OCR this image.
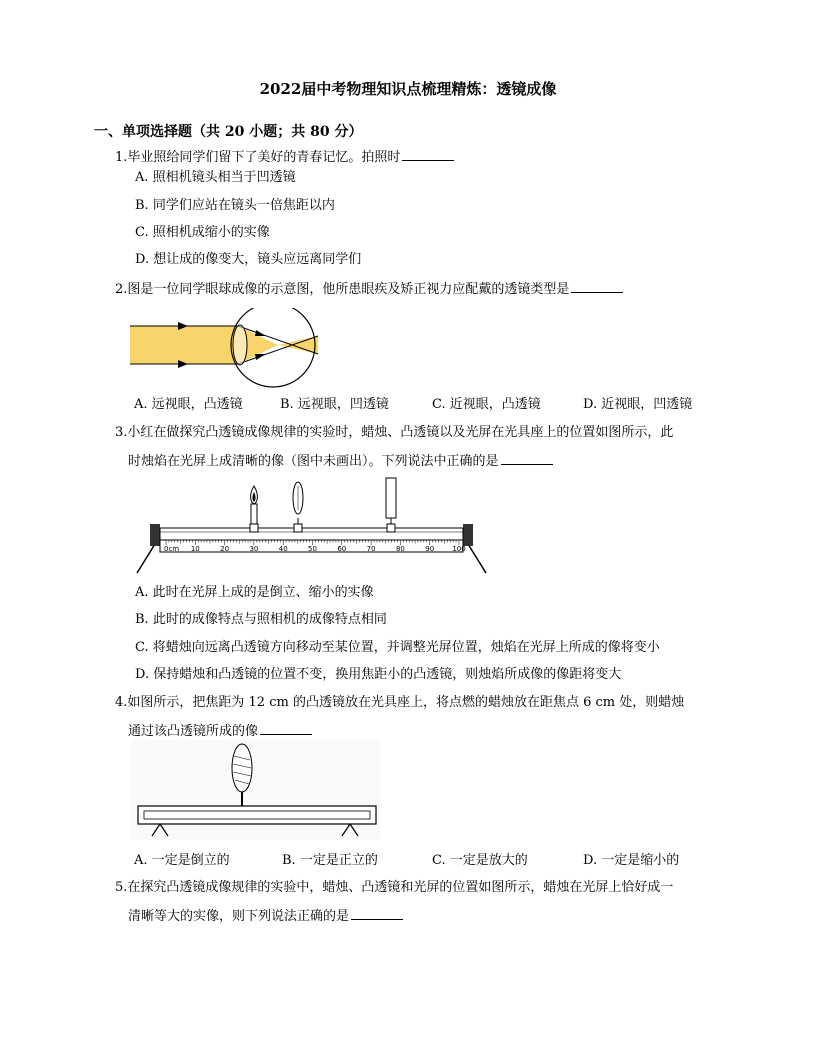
2022届中考物理知识点梳理精炼：透镜成像
一、单项选择题（共 20 小题；共 80 分）
1.毕业照给同学们留下了美好的青春记忆。拍照时
A. 照相机镜头相当于凹透镜
B. 同学们应站在镜头一倍焦距以内
C. 照相机成缩小的实像
D. 想让成的像变大，镜头应远离同学们
2.图是一位同学眼球成像的示意图，他所患眼疾及矫正视力应配戴的透镜类型是
A. 远视眼，凸透镜	B. 远视眼，凹透镜	C. 近视眼，凸透镜	D. 近视眼，凹透镜
3.小红在做探究凸透镜成像规律的实验时，蜡烛、凸透镜以及光屏在光具座上的位置如图所示，此
时烛焰在光屏上成清晰的像（图中未画出）。下列说法中正确的是
0cm 10	20	30	40	50	60	70	80	90	100
A. 此时在光屏上成的是倒立、缩小的实像
B. 此时的成像特点与照相机的成像特点相同
C. 将蜡烛向远离凸透镜方向移动至某位置，并调整光屏位置，烛焰在光屏上所成的像将变小
D. 保持蜡烛和凸透镜的位置不变，换用焦距小的凸透镜，则烛焰所成像的像距将变大
4.如图所示，把焦距为 12 cm 的凸透镜放在光具座上，将点燃的蜡烛放在距焦点 6 cm 处，则蜡烛
通过该凸透镜所成的像
A. 一定是倒立的	B. 一定是正立的	C. 一定是放大的	D. 一定是缩小的
5.在探究凸透镜成像规律的实验中，蜡烛、凸透镜和光屏的位置如图所示，蜡烛在光屏上恰好成一
清晰等大的实像，则下列说法正确的是
